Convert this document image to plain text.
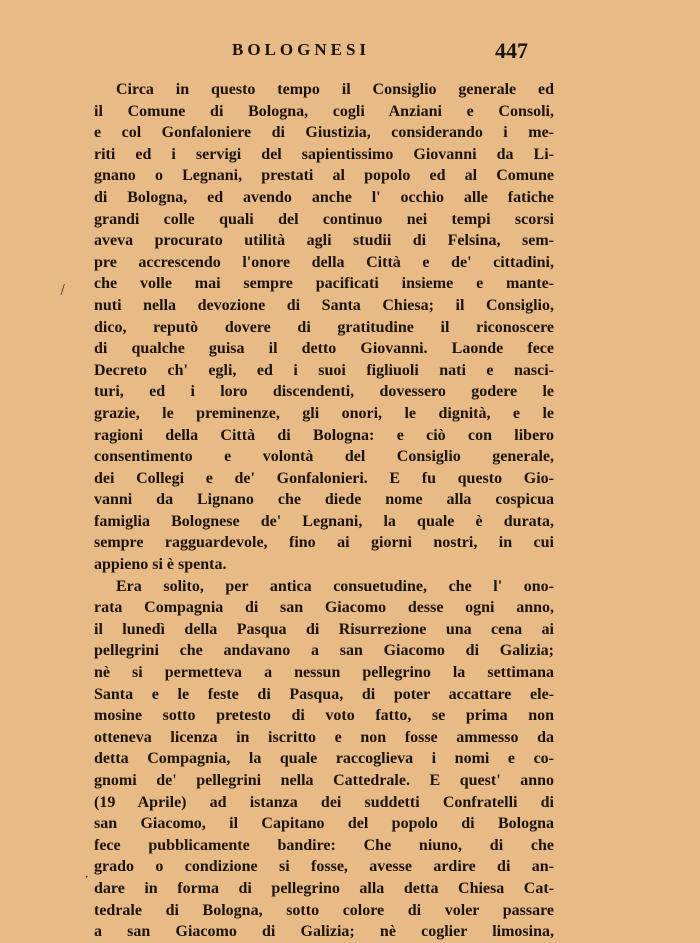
BOLOGNESI	447
⁄
·
Circa in questo tempo il Consiglio generale ed
il Comune di Bologna, cogli Anziani e Consoli,
e col Gonfaloniere di Giustizia, considerando i me-
riti ed i servigi del sapientissimo Giovanni da Li-
gnano o Legnani, prestati al popolo ed al Comune
di Bologna, ed avendo anche l' occhio alle fatiche
grandi colle quali del continuo nei tempi scorsi
aveva procurato utilità agli studii di Felsina, sem-
pre accrescendo l'onore della Città e de' cittadini,
che volle mai sempre pacificati insieme e mante-
nuti nella devozione di Santa Chiesa; il Consiglio,
dico, reputò dovere di gratitudine il riconoscere
di qualche guisa il detto Giovanni. Laonde fece
Decreto ch' egli, ed i suoi figliuoli nati e nasci-
turi, ed i loro discendenti, dovessero godere le
grazie, le preminenze, gli onori, le dignità, e le
ragioni della Città di Bologna: e ciò con libero
consentimento e volontà del Consiglio generale,
dei Collegi e de' Gonfalonieri. E fu questo Gio-
vanni da Lignano che diede nome alla cospicua
famiglia Bolognese de' Legnani, la quale è durata,
sempre ragguardevole, fino ai giorni nostri, in cui
appieno si è spenta.
Era solito, per antica consuetudine, che l' ono-
rata Compagnia di san Giacomo desse ogni anno,
il lunedì della Pasqua di Risurrezione una cena ai
pellegrini che andavano a san Giacomo di Galizia;
nè si permetteva a nessun pellegrino la settimana
Santa e le feste di Pasqua, di poter accattare ele-
mosine sotto pretesto di voto fatto, se prima non
otteneva licenza in iscritto e non fosse ammesso da
detta Compagnia, la quale raccoglieva i nomi e co-
gnomi de' pellegrini nella Cattedrale. E quest' anno
(19 Aprile) ad istanza dei suddetti Confratelli di
san Giacomo, il Capitano del popolo di Bologna
fece pubblicamente bandire: Che niuno, di che
grado o condizione si fosse, avesse ardire di an-
dare in forma di pellegrino alla detta Chiesa Cat-
tedrale di Bologna, sotto colore di voler passare
a san Giacomo di Galizia; nè coglier limosina,
